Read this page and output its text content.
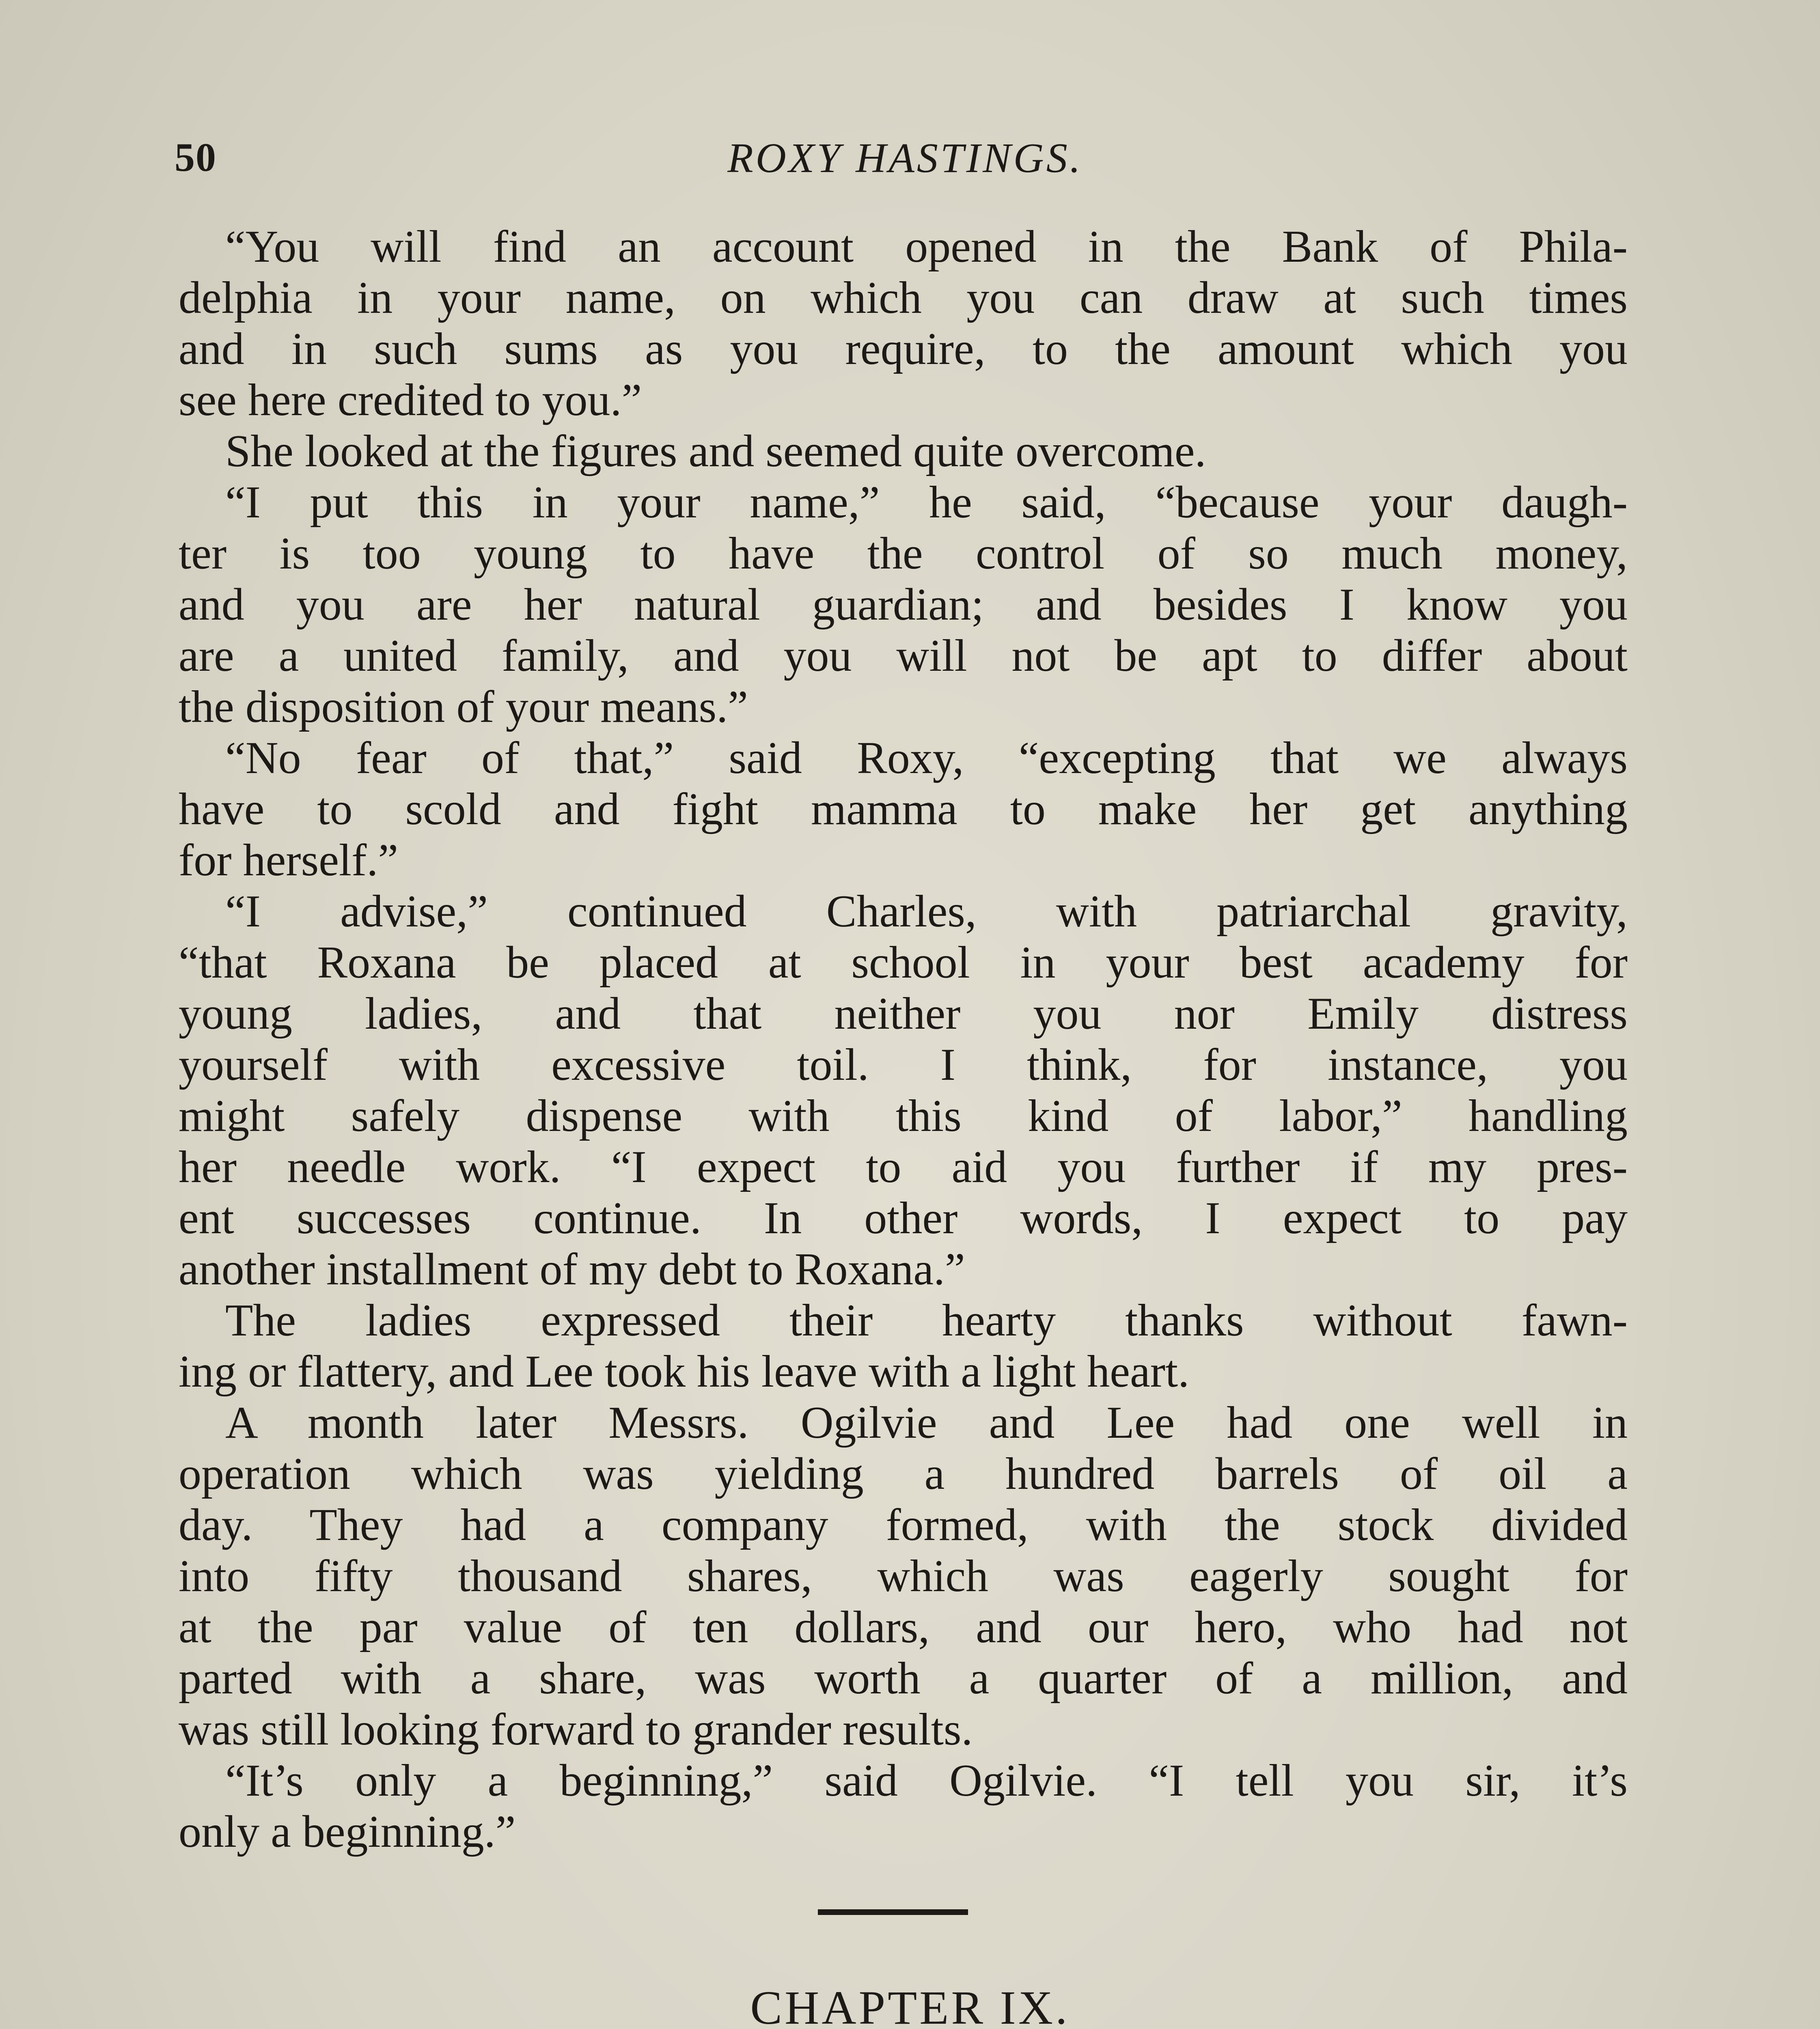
50	ROXY HASTINGS.
“You will find an account opened in the Bank of Phila-
delphia in your name, on which you can draw at such times
and in such sums as you require, to the amount which you
see here credited to you.”
She looked at the figures and seemed quite overcome.
“I put this in your name,” he said, “because your daugh-
ter is too young to have the control of so much money,
and you are her natural guardian; and besides I know you
are a united family, and you will not be apt to differ about
the disposition of your means.”
“No fear of that,” said Roxy, “excepting that we always
have to scold and fight mamma to make her get anything
for herself.”
“I advise,” continued Charles, with patriarchal gravity,
“that Roxana be placed at school in your best academy for
young ladies, and that neither you nor Emily distress
yourself with excessive toil. I think, for instance, you
might safely dispense with this kind of labor,” handling
her needle work. “I expect to aid you further if my pres-
ent successes continue. In other words, I expect to pay
another installment of my debt to Roxana.”
The ladies expressed their hearty thanks without fawn-
ing or flattery, and Lee took his leave with a light heart.
A month later Messrs. Ogilvie and Lee had one well in
operation which was yielding a hundred barrels of oil a
day. They had a company formed, with the stock divided
into fifty thousand shares, which was eagerly sought for
at the par value of ten dollars, and our hero, who had not
parted with a share, was worth a quarter of a million, and
was still looking forward to grander results.
“It’s only a beginning,” said Ogilvie. “I tell you sir, it’s
only a beginning.”
CHAPTER IX.
